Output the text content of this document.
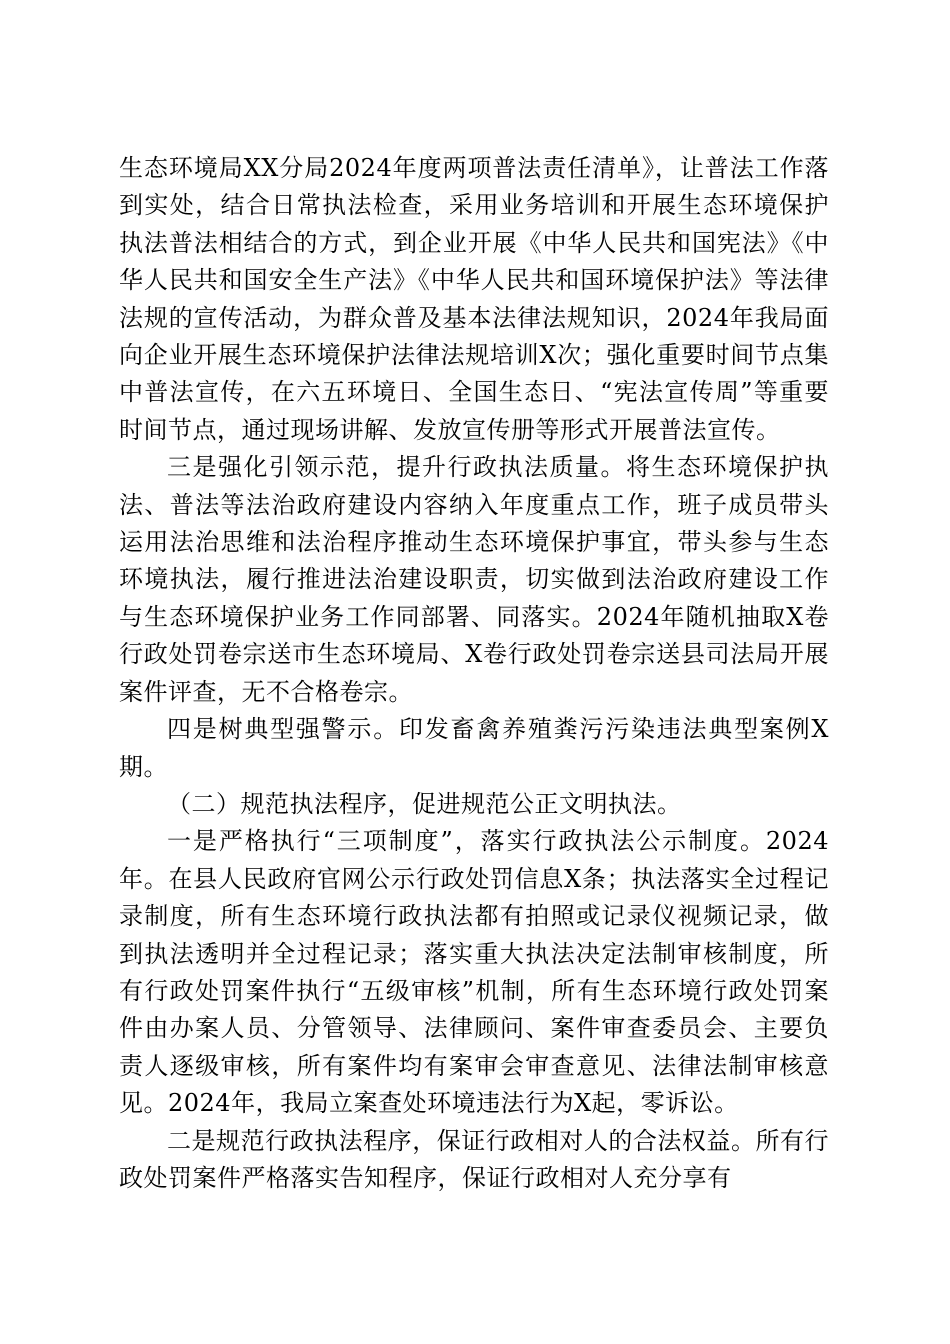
生态环境局XX分局2024年度两项普法责任清单》，让普法工作落到实处，结合日常执法检查，采用业务培训和开展生态环境保护执法普法相结合的方式，到企业开展《中华人民共和国宪法》《中华人民共和国安全生产法》《中华人民共和国环境保护法》等法律法规的宣传活动，为群众普及基本法律法规知识，2024年我局面向企业开展生态环境保护法律法规培训X次；强化重要时间节点集中普法宣传，在六五环境日、全国生态日、“宪法宣传周”等重要时间节点，通过现场讲解、发放宣传册等形式开展普法宣传。

三是强化引领示范，提升行政执法质量。将生态环境保护执法、普法等法治政府建设内容纳入年度重点工作，班子成员带头运用法治思维和法治程序推动生态环境保护事宜，带头参与生态环境执法，履行推进法治建设职责，切实做到法治政府建设工作与生态环境保护业务工作同部署、同落实。2024年随机抽取X卷行政处罚卷宗送市生态环境局、X卷行政处罚卷宗送县司法局开展案件评查，无不合格卷宗。

四是树典型强警示。印发畜禽养殖粪污污染违法典型案例X期。

（二）规范执法程序，促进规范公正文明执法。

一是严格执行“三项制度”，落实行政执法公示制度。2024年。在县人民政府官网公示行政处罚信息X条；执法落实全过程记录制度，所有生态环境行政执法都有拍照或记录仪视频记录，做到执法透明并全过程记录；落实重大执法决定法制审核制度，所有行政处罚案件执行“五级审核”机制，所有生态环境行政处罚案件由办案人员、分管领导、法律顾问、案件审查委员会、主要负责人逐级审核，所有案件均有案审会审查意见、法律法制审核意见。2024年，我局立案查处环境违法行为X起，零诉讼。

二是规范行政执法程序，保证行政相对人的合法权益。所有行政处罚案件严格落实告知程序，保证行政相对人充分享有
